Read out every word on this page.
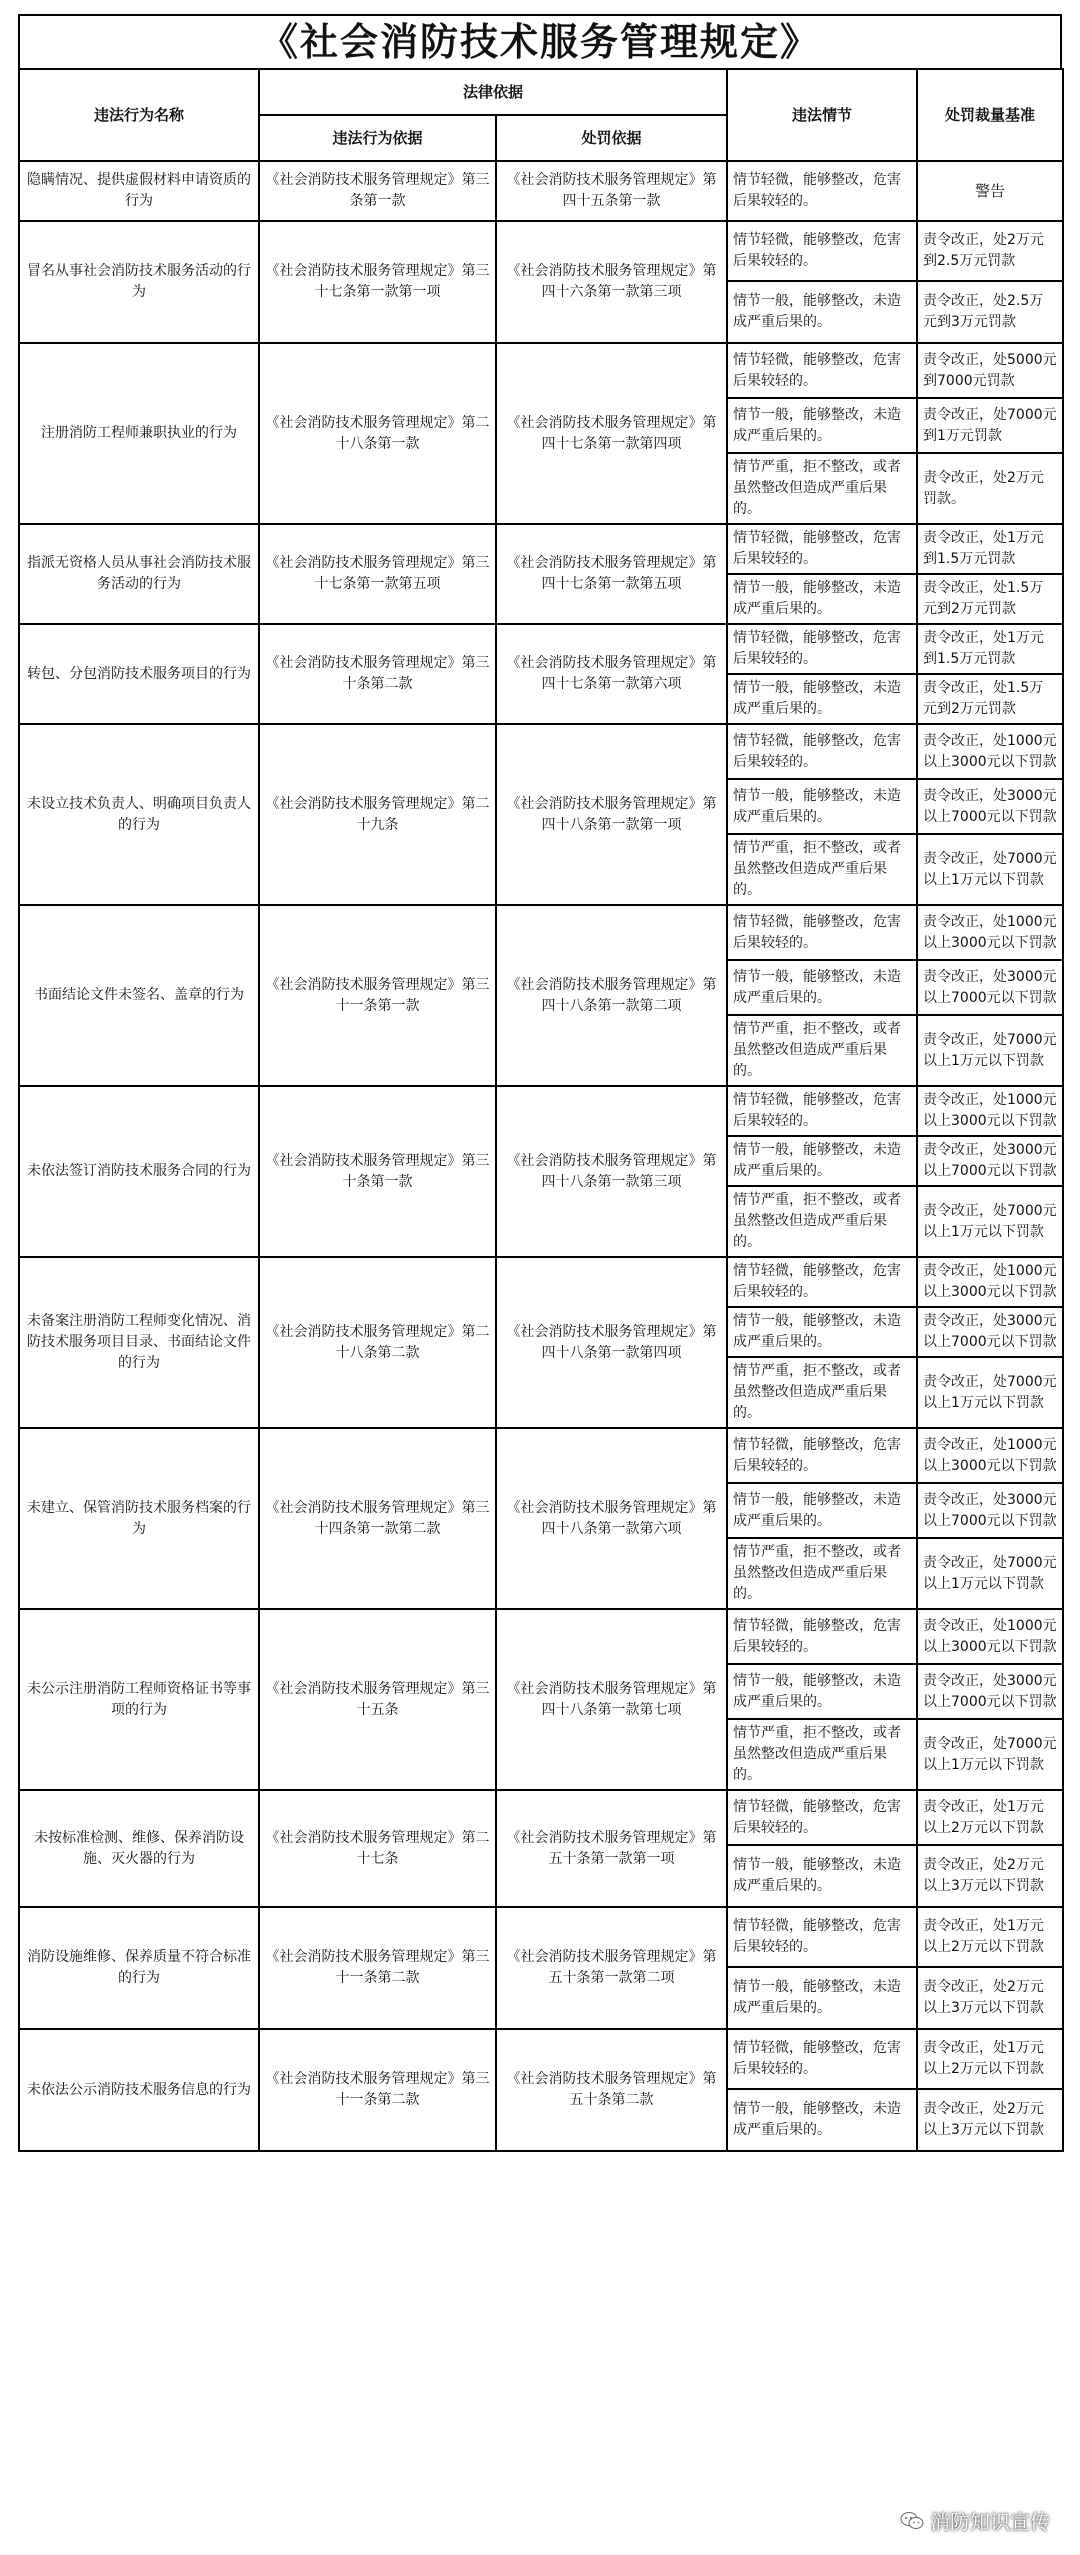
《社会消防技术服务管理规定》
违法行为名称	法律依据		违法情节	处罚裁量基准
	违法行为依据	处罚依据		
隐瞒情况、提供虚假材料申请资质的行为	《社会消防技术服务管理规定》第三条第一款	《社会消防技术服务管理规定》第四十五条第一款	情节轻微，能够整改，危害后果较轻的。	警告
冒名从事社会消防技术服务活动的行为	《社会消防技术服务管理规定》第三十七条第一款第一项	《社会消防技术服务管理规定》第四十六条第一款第三项	情节轻微，能够整改，危害后果较轻的。	责令改正，处2万元到2.5万元罚款
			情节一般，能够整改，未造成严重后果的。	责令改正，处2.5万元到3万元罚款
注册消防工程师兼职执业的行为	《社会消防技术服务管理规定》第二十八条第一款	《社会消防技术服务管理规定》第四十七条第一款第四项	情节轻微，能够整改，危害后果较轻的。	责令改正，处5000元到7000元罚款
			情节一般，能够整改，未造成严重后果的。	责令改正，处7000元到1万元罚款
			情节严重，拒不整改，或者虽然整改但造成严重后果的。	责令改正，处2万元罚款。
指派无资格人员从事社会消防技术服务活动的行为	《社会消防技术服务管理规定》第三十七条第一款第五项	《社会消防技术服务管理规定》第四十七条第一款第五项	情节轻微，能够整改，危害后果较轻的。	责令改正，处1万元到1.5万元罚款
			情节一般，能够整改，未造成严重后果的。	责令改正，处1.5万元到2万元罚款
转包、分包消防技术服务项目的行为	《社会消防技术服务管理规定》第三十条第二款	《社会消防技术服务管理规定》第四十七条第一款第六项	情节轻微，能够整改，危害后果较轻的。	责令改正，处1万元到1.5万元罚款
			情节一般，能够整改，未造成严重后果的。	责令改正，处1.5万元到2万元罚款
未设立技术负责人、明确项目负责人的行为	《社会消防技术服务管理规定》第二十九条	《社会消防技术服务管理规定》第四十八条第一款第一项	情节轻微，能够整改，危害后果较轻的。	责令改正，处1000元以上3000元以下罚款
			情节一般，能够整改，未造成严重后果的。	责令改正，处3000元以上7000元以下罚款
			情节严重，拒不整改，或者虽然整改但造成严重后果的。	责令改正，处7000元以上1万元以下罚款
书面结论文件未签名、盖章的行为	《社会消防技术服务管理规定》第三十一条第一款	《社会消防技术服务管理规定》第四十八条第一款第二项	情节轻微，能够整改，危害后果较轻的。	责令改正，处1000元以上3000元以下罚款
			情节一般，能够整改，未造成严重后果的。	责令改正，处3000元以上7000元以下罚款
			情节严重，拒不整改，或者虽然整改但造成严重后果的。	责令改正，处7000元以上1万元以下罚款
未依法签订消防技术服务合同的行为	《社会消防技术服务管理规定》第三十条第一款	《社会消防技术服务管理规定》第四十八条第一款第三项	情节轻微，能够整改，危害后果较轻的。	责令改正，处1000元以上3000元以下罚款
			情节一般，能够整改，未造成严重后果的。	责令改正，处3000元以上7000元以下罚款
			情节严重，拒不整改，或者虽然整改但造成严重后果的。	责令改正，处7000元以上1万元以下罚款
未备案注册消防工程师变化情况、消防技术服务项目目录、书面结论文件的行为	《社会消防技术服务管理规定》第二十八条第二款	《社会消防技术服务管理规定》第四十八条第一款第四项	情节轻微，能够整改，危害后果较轻的。	责令改正，处1000元以上3000元以下罚款
			情节一般，能够整改，未造成严重后果的。	责令改正，处3000元以上7000元以下罚款
			情节严重，拒不整改，或者虽然整改但造成严重后果的。	责令改正，处7000元以上1万元以下罚款
未建立、保管消防技术服务档案的行为	《社会消防技术服务管理规定》第三十四条第一款第二款	《社会消防技术服务管理规定》第四十八条第一款第六项	情节轻微，能够整改，危害后果较轻的。	责令改正，处1000元以上3000元以下罚款
			情节一般，能够整改，未造成严重后果的。	责令改正，处3000元以上7000元以下罚款
			情节严重，拒不整改，或者虽然整改但造成严重后果的。	责令改正，处7000元以上1万元以下罚款
未公示注册消防工程师资格证书等事项的行为	《社会消防技术服务管理规定》第三十五条	《社会消防技术服务管理规定》第四十八条第一款第七项	情节轻微，能够整改，危害后果较轻的。	责令改正，处1000元以上3000元以下罚款
			情节一般，能够整改，未造成严重后果的。	责令改正，处3000元以上7000元以下罚款
			情节严重，拒不整改，或者虽然整改但造成严重后果的。	责令改正，处7000元以上1万元以下罚款
未按标准检测、维修、保养消防设施、灭火器的行为	《社会消防技术服务管理规定》第二十七条	《社会消防技术服务管理规定》第五十条第一款第一项	情节轻微，能够整改，危害后果较轻的。	责令改正，处1万元以上2万元以下罚款
			情节一般，能够整改，未造成严重后果的。	责令改正，处2万元以上3万元以下罚款
消防设施维修、保养质量不符合标准的行为	《社会消防技术服务管理规定》第三十一条第二款	《社会消防技术服务管理规定》第五十条第一款第二项	情节轻微，能够整改，危害后果较轻的。	责令改正，处1万元以上2万元以下罚款
			情节一般，能够整改，未造成严重后果的。	责令改正，处2万元以上3万元以下罚款
未依法公示消防技术服务信息的行为	《社会消防技术服务管理规定》第三十一条第二款	《社会消防技术服务管理规定》第五十条第二款	情节轻微，能够整改，危害后果较轻的。	责令改正，处1万元以上2万元以下罚款
			情节一般，能够整改，未造成严重后果的。	责令改正，处2万元以上3万元以下罚款
消防知识宣传
